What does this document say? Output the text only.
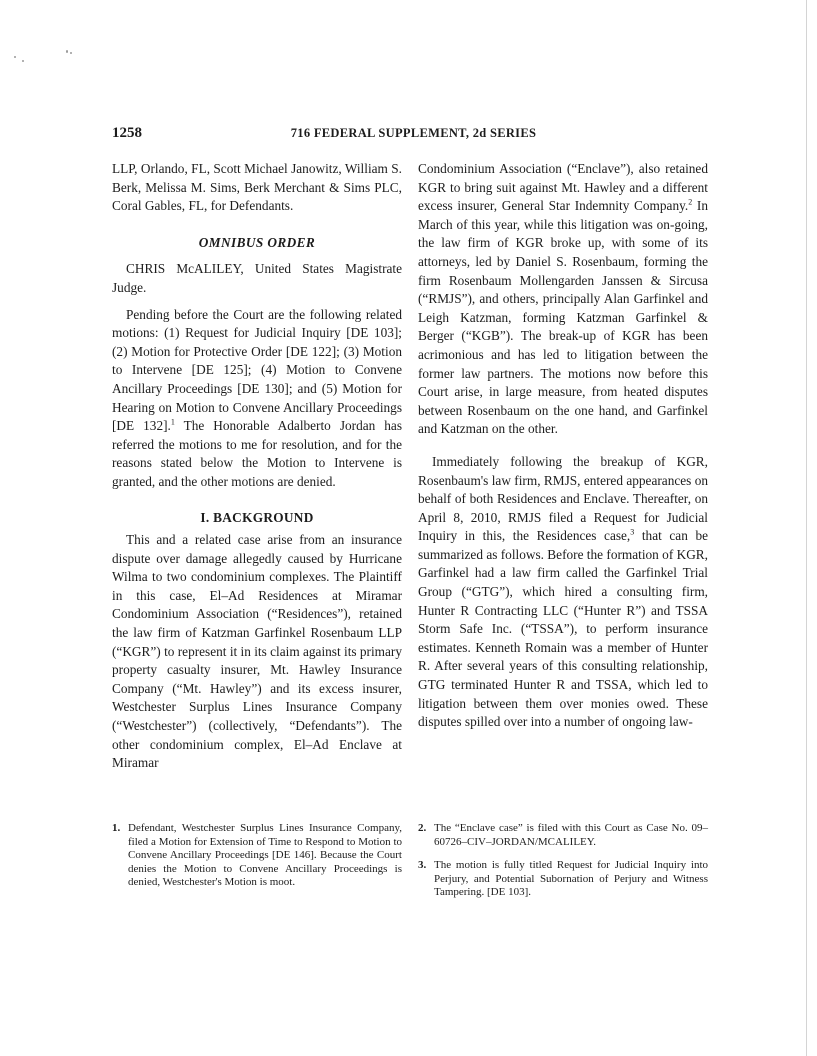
1258	716 FEDERAL SUPPLEMENT, 2d SERIES

LLP, Orlando, FL, Scott Michael Janowitz, William S. Berk, Melissa M. Sims, Berk Merchant & Sims PLC, Coral Gables, FL, for Defendants.

OMNIBUS ORDER

CHRIS McALILEY, United States Magistrate Judge.

Pending before the Court are the following related motions: (1) Request for Judicial Inquiry [DE 103]; (2) Motion for Protective Order [DE 122]; (3) Motion to Intervene [DE 125]; (4) Motion to Convene Ancillary Proceedings [DE 130]; and (5) Motion for Hearing on Motion to Convene Ancillary Proceedings [DE 132].$^1$ The Honorable Adalberto Jordan has referred the motions to me for resolution, and for the reasons stated below the Motion to Intervene is granted, and the other motions are denied.

I. BACKGROUND

This and a related case arise from an insurance dispute over damage allegedly caused by Hurricane Wilma to two condominium complexes. The Plaintiff in this case, El–Ad Residences at Miramar Condominium Association (“Residences”), retained the law firm of Katzman Garfinkel Rosenbaum LLP (“KGR”) to represent it in its claim against its primary property casualty insurer, Mt. Hawley Insurance Company (“Mt. Hawley”) and its excess insurer, Westchester Surplus Lines Insurance Company (“Westchester”) (collectively, “Defendants”). The other condominium complex, El–Ad Enclave at Miramar

Condominium Association (“Enclave”), also retained KGR to bring suit against Mt. Hawley and a different excess insurer, General Star Indemnity Company.$^2$ In March of this year, while this litigation was on-going, the law firm of KGR broke up, with some of its attorneys, led by Daniel S. Rosenbaum, forming the firm Rosenbaum Mollengarden Janssen & Sircusa (“RMJS”), and others, principally Alan Garfinkel and Leigh Katzman, forming Katzman Garfinkel & Berger (“KGB”). The break-up of KGR has been acrimonious and has led to litigation between the former law partners. The motions now before this Court arise, in large measure, from heated disputes between Rosenbaum on the one hand, and Garfinkel and Katzman on the other.

Immediately following the breakup of KGR, Rosenbaum's law firm, RMJS, entered appearances on behalf of both Residences and Enclave. Thereafter, on April 8, 2010, RMJS filed a Request for Judicial Inquiry in this, the Residences case,$^3$ that can be summarized as follows. Before the formation of KGR, Garfinkel had a law firm called the Garfinkel Trial Group (“GTG”), which hired a consulting firm, Hunter R Contracting LLC (“Hunter R”) and TSSA Storm Safe Inc. (“TSSA”), to perform insurance estimates. Kenneth Romain was a member of Hunter R. After several years of this consulting relationship, GTG terminated Hunter R and TSSA, which led to litigation between them over monies owed. These disputes spilled over into a number of ongoing law-

1. Defendant, Westchester Surplus Lines Insurance Company, filed a Motion for Extension of Time to Respond to Motion to Convene Ancillary Proceedings [DE 146]. Because the Court denies the Motion to Convene Ancillary Proceedings is denied, Westchester's Motion is moot.
2. The “Enclave case” is filed with this Court as Case No. 09–60726–CIV–JORDAN/MCALILEY.
3. The motion is fully titled Request for Judicial Inquiry into Perjury, and Potential Subornation of Perjury and Witness Tampering. [DE 103].
